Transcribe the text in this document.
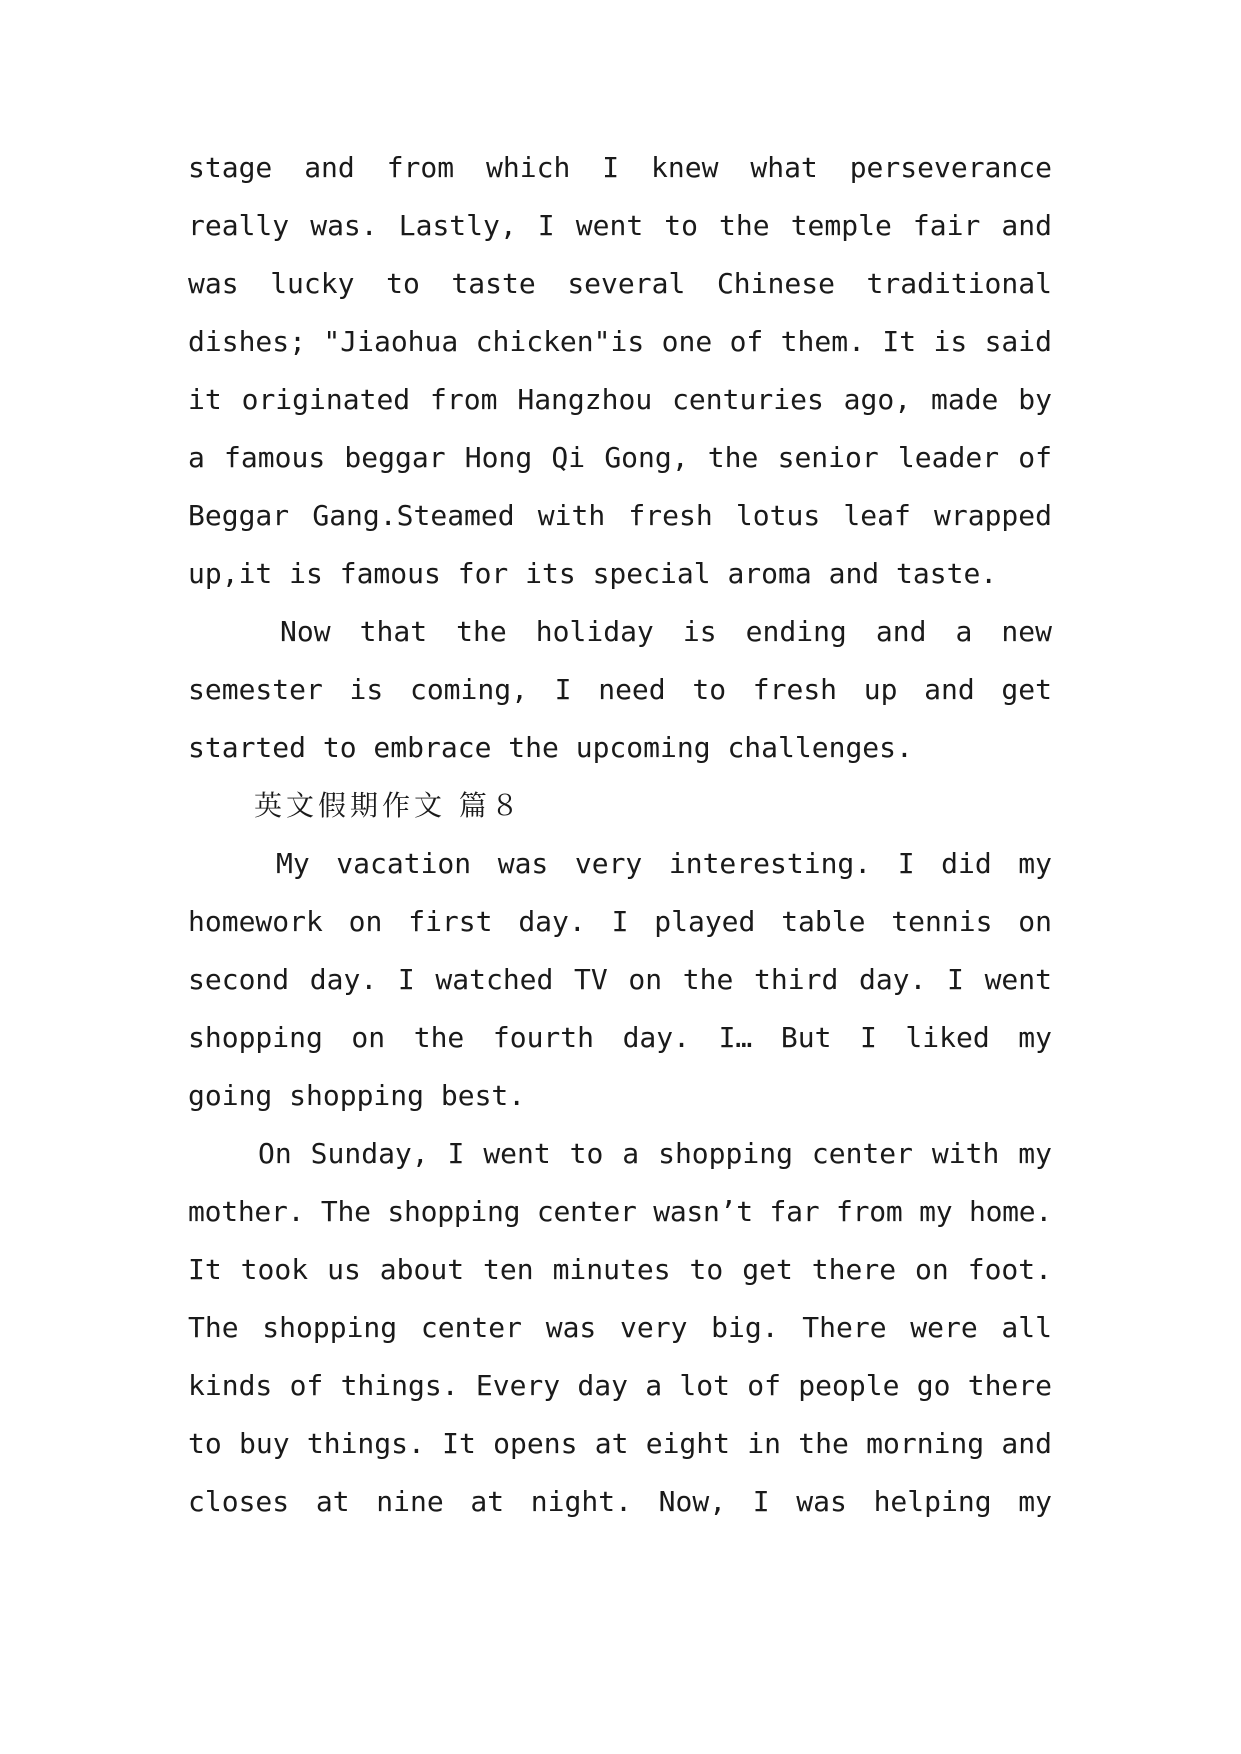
stage and from which I knew what perseverance
really was. Lastly, I went to the temple fair and
was lucky to taste several Chinese traditional
dishes; "Jiaohua chicken"is one of them. It is said
it originated from Hangzhou centuries ago, made by
a famous beggar Hong Qi Gong, the senior leader of
Beggar Gang.Steamed with fresh lotus leaf wrapped
up,it is famous for its special aroma and taste.
Now that the holiday is ending and a new
semester is coming, I need to fresh up and get
started to embrace the upcoming challenges.
英文假期作文 篇８
My vacation was very interesting. I did my
homework on first day. I played table tennis on
second day. I watched TV on the third day. I went
shopping on the fourth day. I… But I liked my
going shopping best.
On Sunday, I went to a shopping center with my
mother. The shopping center wasn’t far from my home.
It took us about ten minutes to get there on foot.
The shopping center was very big. There were all
kinds of things. Every day a lot of people go there
to buy things. It opens at eight in the morning and
closes at nine at night. Now, I was helping my
